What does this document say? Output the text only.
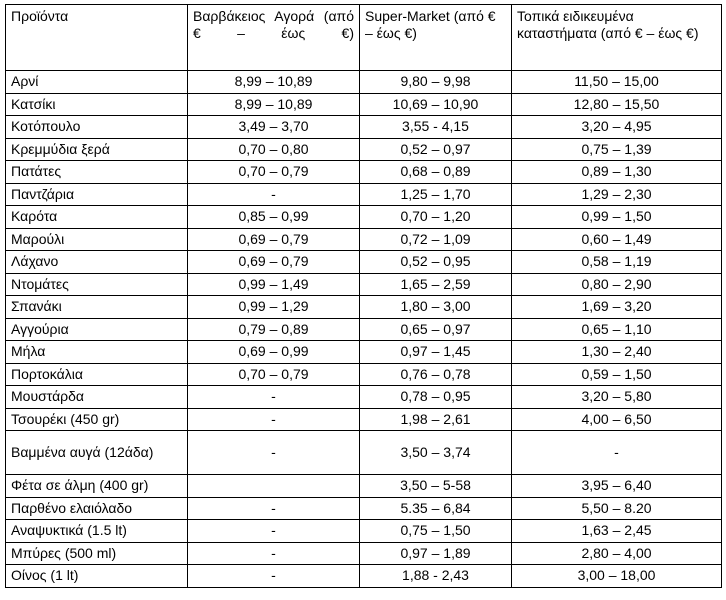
Προϊόντα	Βαρβάκειος Αγορά (από € – έως €)	Super-Market (από € – έως €)	Τοπικά ειδικευμένα καταστήματα (από € – έως €)
Αρνί	8,99 – 10,89	9,80 – 9,98	11,50 – 15,00
Κατσίκι	8,99 – 10,89	10,69 – 10,90	12,80 – 15,50
Κοτόπουλο	3,49 – 3,70	3,55 - 4,15	3,20 – 4,95
Κρεμμύδια ξερά	0,70 – 0,80	0,52 – 0,97	0,75 – 1,39
Πατάτες	0,70 – 0,79	0,68 – 0,89	0,89 – 1,30
Παντζάρια	-	1,25 – 1,70	1,29 – 2,30
Καρότα	0,85 – 0,99	0,70 – 1,20	0,99 – 1,50
Μαρούλι	0,69 – 0,79	0,72 – 1,09	0,60 – 1,49
Λάχανο	0,69 – 0,79	0,52 – 0,95	0,58 – 1,19
Ντομάτες	0,99 – 1,49	1,65 – 2,59	0,80 – 2,90
Σπανάκι	0,99 – 1,29	1,80 – 3,00	1,69 – 3,20
Αγγούρια	0,79 – 0,89	0,65 – 0,97	0,65 – 1,10
Μήλα	0,69 – 0,99	0,97 – 1,45	1,30 – 2,40
Πορτοκάλια	0,70 – 0,79	0,76 – 0,78	0,59 – 1,50
Μουστάρδα	-	0,78 – 0,95	3,20 – 5,80
Τσουρέκι (450 gr)	-	1,98 – 2,61	4,00 – 6,50
Βαμμένα αυγά (12άδα)	-	3,50 – 3,74	-
Φέτα σε άλμη (400 gr)		3,50 – 5-58	3,95 – 6,40
Παρθένο ελαιόλαδο	-	5.35 – 6,84	5,50 – 8.20
Αναψυκτικά (1.5 lt)	-	0,75 – 1,50	1,63 – 2,45
Μπύρες (500 ml)	-	0,97 – 1,89	2,80 – 4,00
Οίνος (1 lt)	-	1,88 - 2,43	3,00 – 18,00
